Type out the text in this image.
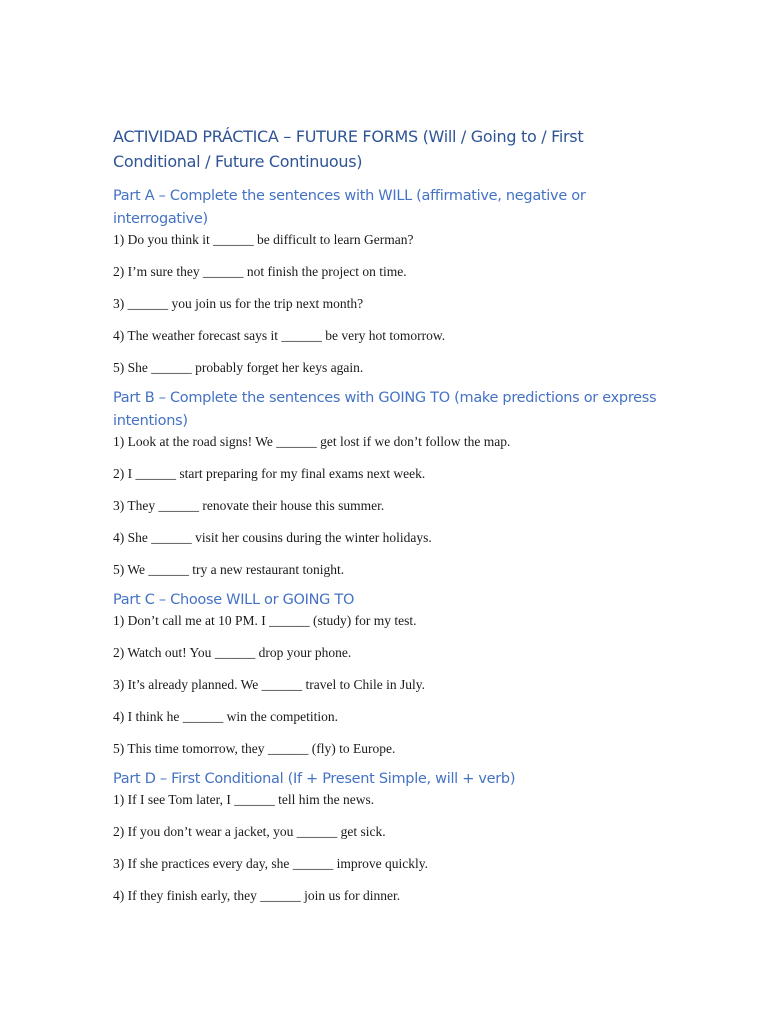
ACTIVIDAD PRÁCTICA – FUTURE FORMS (Will / Going to / First Conditional / Future Continuous)
Part A – Complete the sentences with WILL (affirmative, negative or interrogative)

1) Do you think it ______ be difficult to learn German?

2) I’m sure they ______ not finish the project on time.

3) ______ you join us for the trip next month?

4) The weather forecast says it ______ be very hot tomorrow.

5) She ______ probably forget her keys again.

Part B – Complete the sentences with GOING TO (make predictions or express intentions)

1) Look at the road signs! We ______ get lost if we don’t follow the map.

2) I ______ start preparing for my final exams next week.

3) They ______ renovate their house this summer.

4) She ______ visit her cousins during the winter holidays.

5) We ______ try a new restaurant tonight.

Part C – Choose WILL or GOING TO

1) Don’t call me at 10 PM. I ______ (study) for my test.

2) Watch out! You ______ drop your phone.

3) It’s already planned. We ______ travel to Chile in July.

4) I think he ______ win the competition.

5) This time tomorrow, they ______ (fly) to Europe.

Part D – First Conditional (If + Present Simple, will + verb)

1) If I see Tom later, I ______ tell him the news.

2) If you don’t wear a jacket, you ______ get sick.

3) If she practices every day, she ______ improve quickly.

4) If they finish early, they ______ join us for dinner.
